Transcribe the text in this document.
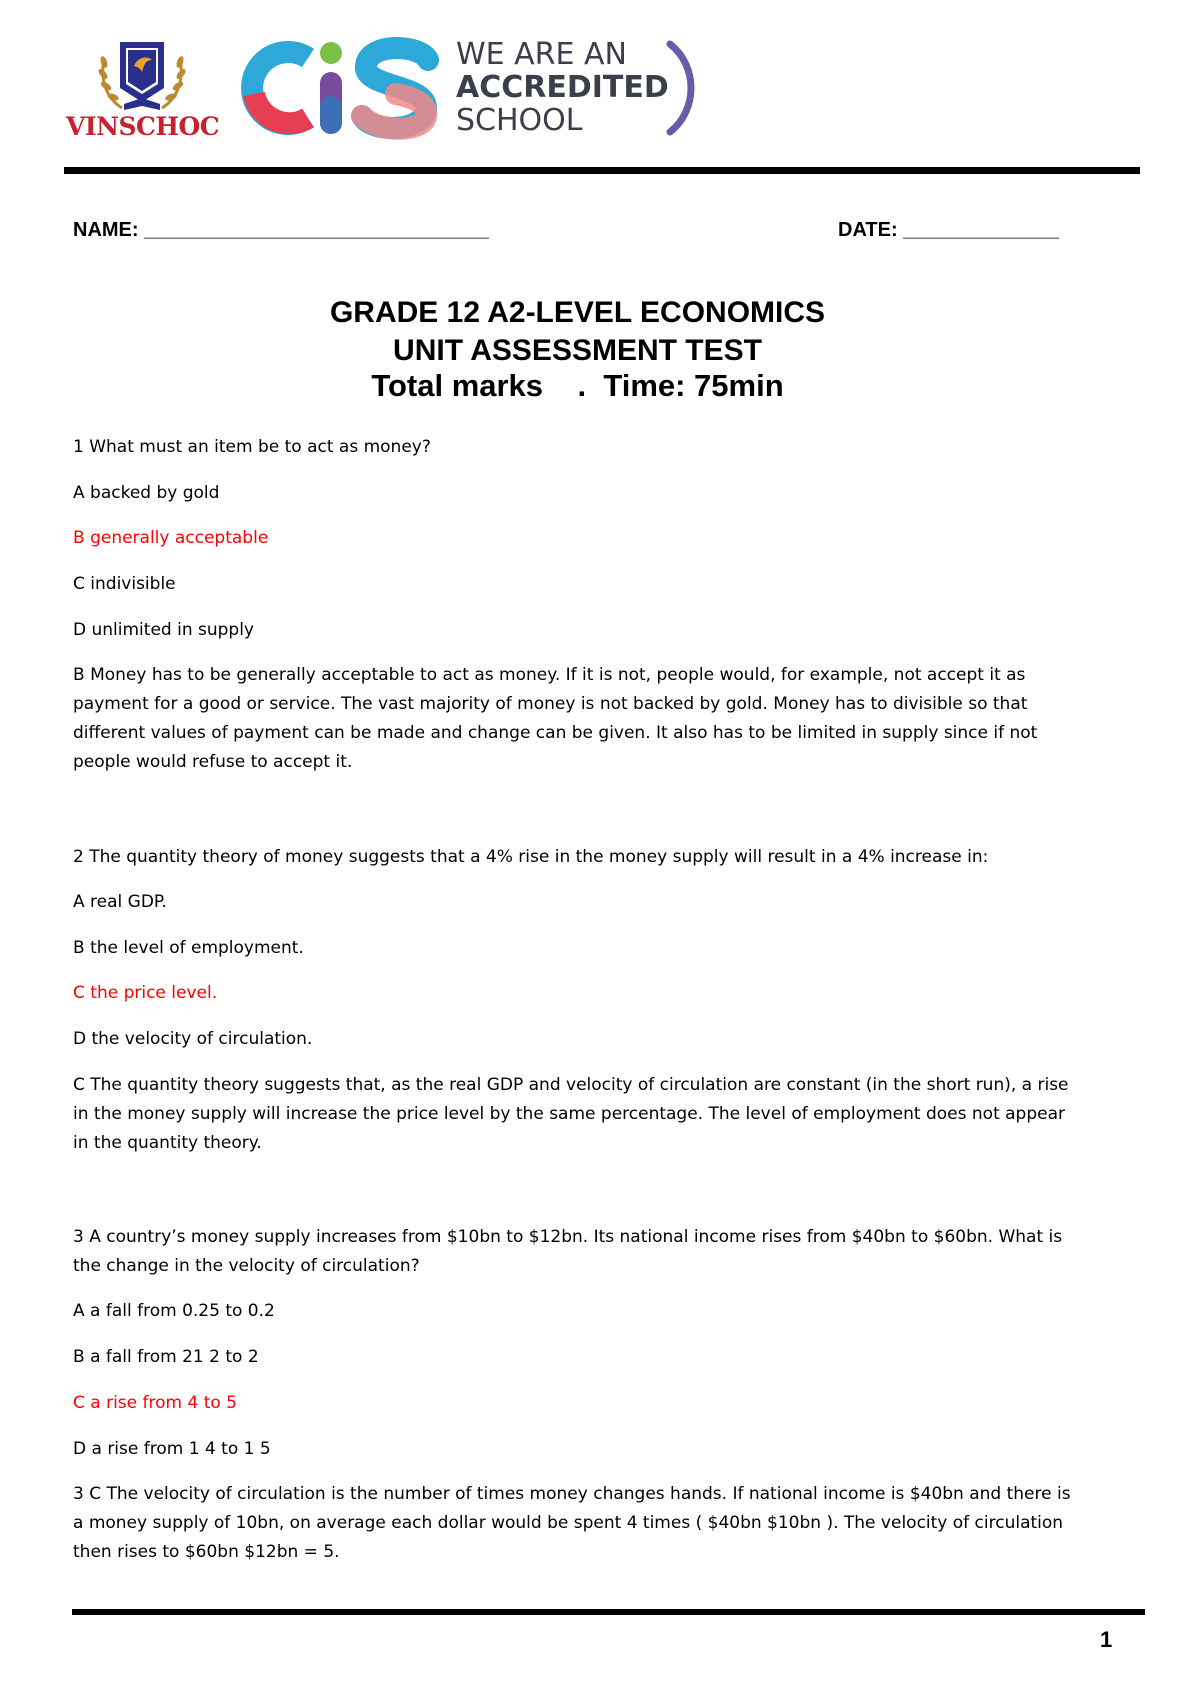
VINSCHOC
WE ARE AN
ACCREDITED
SCHOOL
NAME: _______________________________	DATE: ______________
GRADE 12 A2-LEVEL ECONOMICS
UNIT ASSESSMENT TEST
Total marks    .  Time: 75min
1 What must an item be to act as money?
A backed by gold
B generally acceptable
C indivisible
D unlimited in supply
B Money has to be generally acceptable to act as money. If it is not, people would, for example, not accept it as payment for a good or service. The vast majority of money is not backed by gold. Money has to divisible so that different values of payment can be made and change can be given. It also has to be limited in supply since if not people would refuse to accept it.
2 The quantity theory of money suggests that a 4% rise in the money supply will result in a 4% increase in:
A real GDP.
B the level of employment.
C the price level.
D the velocity of circulation.
C The quantity theory suggests that, as the real GDP and velocity of circulation are constant (in the short run), a rise in the money supply will increase the price level by the same percentage. The level of employment does not appear in the quantity theory.
3 A country’s money supply increases from $10bn to $12bn. Its national income rises from $40bn to $60bn. What is the change in the velocity of circulation?
A a fall from 0.25 to 0.2
B a fall from 21 2 to 2
C a rise from 4 to 5
D a rise from 1 4 to 1 5
3 C The velocity of circulation is the number of times money changes hands. If national income is $40bn and there is a money supply of 10bn, on average each dollar would be spent 4 times ( $40bn $10bn ). The velocity of circulation then rises to $60bn $12bn = 5.
1
